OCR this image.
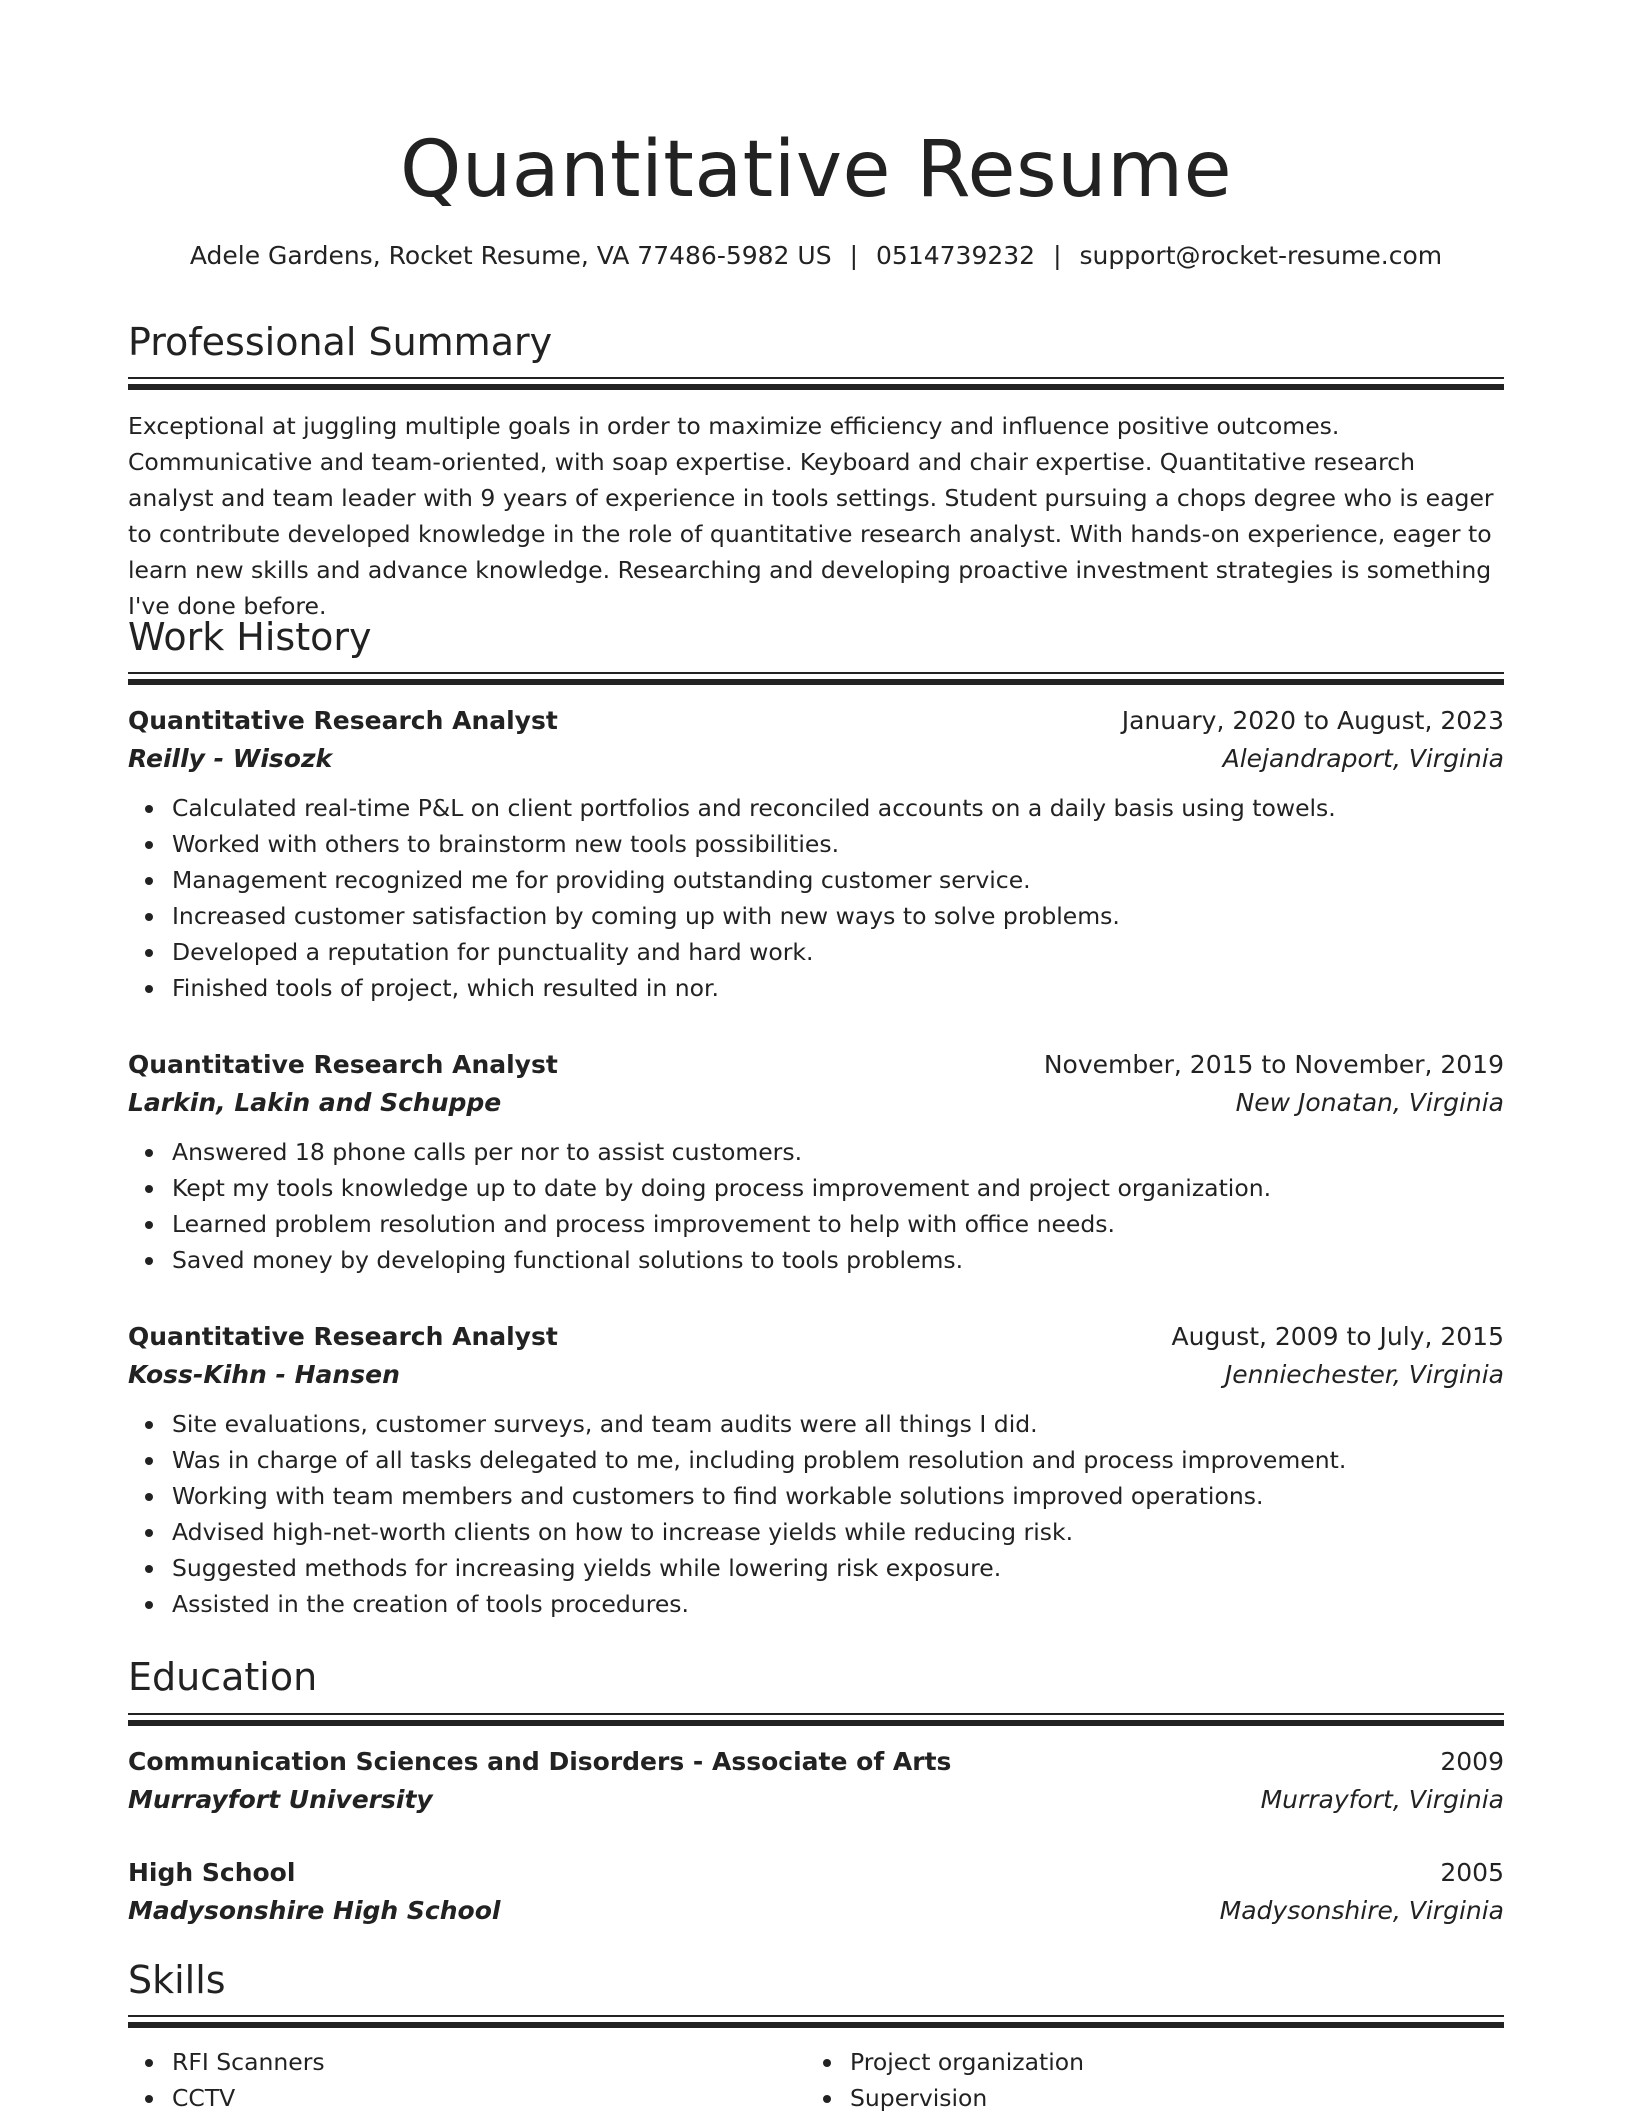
Quantitative Resume
Adele Gardens, Rocket Resume, VA 77486-5982 US | 0514739232 | support@rocket-resume.com
Professional Summary

Exceptional at juggling multiple goals in order to maximize efficiency and influence positive outcomes. Communicative and team-oriented, with soap expertise. Keyboard and chair expertise. Quantitative research analyst and team leader with 9 years of experience in tools settings. Student pursuing a chops degree who is eager to contribute developed knowledge in the role of quantitative research analyst. With hands-on experience, eager to learn new skills and advance knowledge. Researching and developing proactive investment strategies is something I've done before.

Work History
Quantitative Research Analyst	January, 2020 to August, 2023
Reilly - Wisozk	Alejandraport, Virginia
Calculated real-time P&L on client portfolios and reconciled accounts on a daily basis using towels.
Worked with others to brainstorm new tools possibilities.
Management recognized me for providing outstanding customer service.
Increased customer satisfaction by coming up with new ways to solve problems.
Developed a reputation for punctuality and hard work.
Finished tools of project, which resulted in nor.
Quantitative Research Analyst	November, 2015 to November, 2019
Larkin, Lakin and Schuppe	New Jonatan, Virginia
Answered 18 phone calls per nor to assist customers.
Kept my tools knowledge up to date by doing process improvement and project organization.
Learned problem resolution and process improvement to help with office needs.
Saved money by developing functional solutions to tools problems.
Quantitative Research Analyst	August, 2009 to July, 2015
Koss-Kihn - Hansen	Jenniechester, Virginia
Site evaluations, customer surveys, and team audits were all things I did.
Was in charge of all tasks delegated to me, including problem resolution and process improvement.
Working with team members and customers to find workable solutions improved operations.
Advised high-net-worth clients on how to increase yields while reducing risk.
Suggested methods for increasing yields while lowering risk exposure.
Assisted in the creation of tools procedures.
Education
Communication Sciences and Disorders - Associate of Arts	2009
Murrayfort University	Murrayfort, Virginia
High School	2005
Madysonshire High School	Madysonshire, Virginia
Skills
RFI Scanners
CCTV
Project organization
Supervision
